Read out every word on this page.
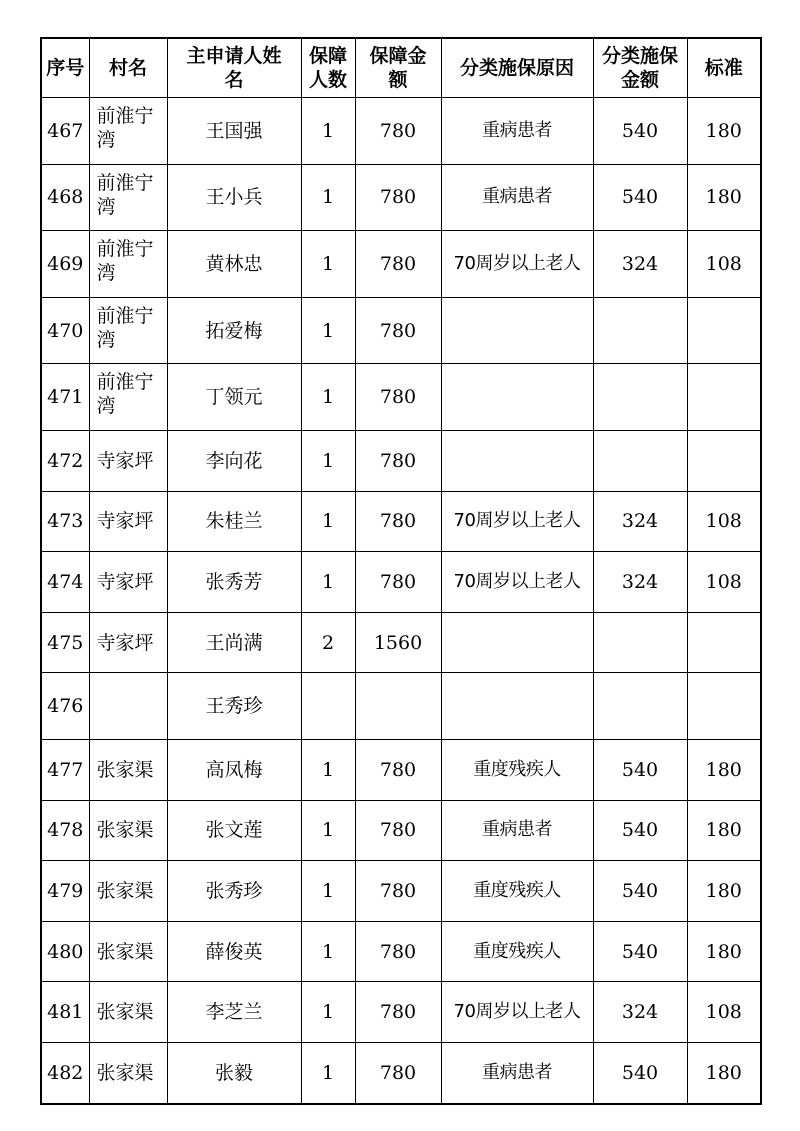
序号	村名	主申请人姓名	保障人数	保障金额	分类施保原因	分类施保金额	标准
467	前淮宁湾	王国强	1	780	重病患者	540	180
468	前淮宁湾	王小兵	1	780	重病患者	540	180
469	前淮宁湾	黄林忠	1	780	70周岁以上老人	324	108
470	前淮宁湾	拓爱梅	1	780			
471	前淮宁湾	丁领元	1	780			
472	寺家坪	李向花	1	780			
473	寺家坪	朱桂兰	1	780	70周岁以上老人	324	108
474	寺家坪	张秀芳	1	780	70周岁以上老人	324	108
475	寺家坪	王尚满	2	1560			
476		王秀珍					
477	张家渠	高凤梅	1	780	重度残疾人	540	180
478	张家渠	张文莲	1	780	重病患者	540	180
479	张家渠	张秀珍	1	780	重度残疾人	540	180
480	张家渠	薛俊英	1	780	重度残疾人	540	180
481	张家渠	李芝兰	1	780	70周岁以上老人	324	108
482	张家渠	张毅	1	780	重病患者	540	180
